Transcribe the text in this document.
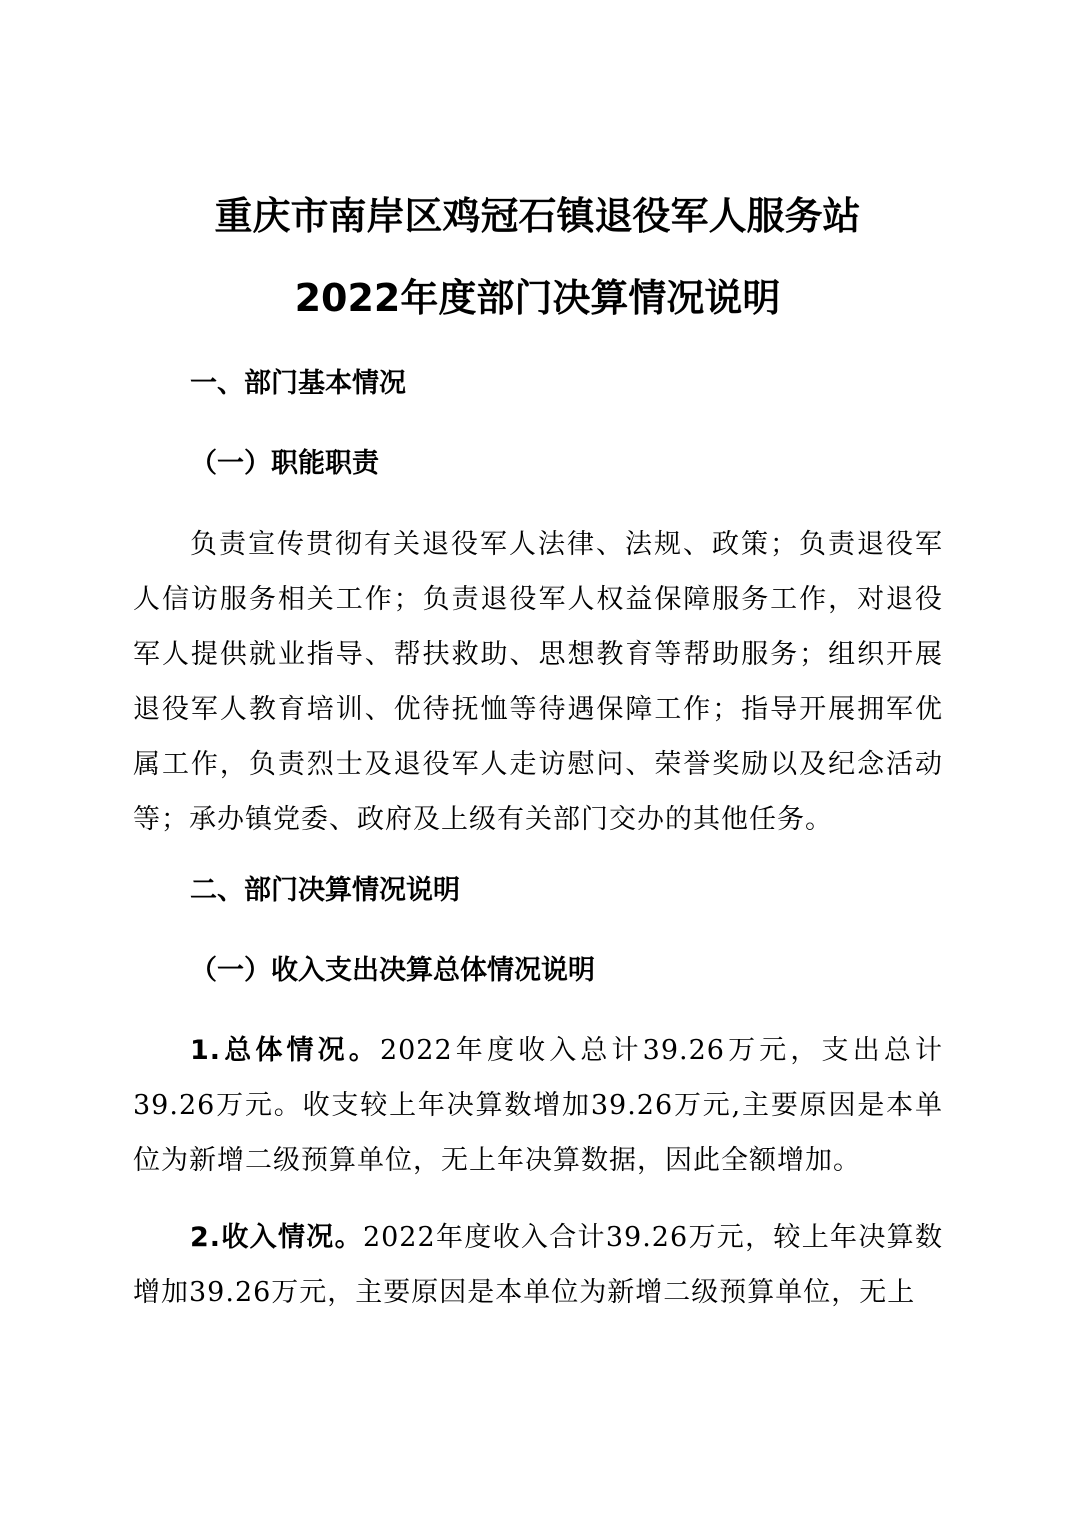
重庆市南岸区鸡冠石镇退役军人服务站
2022年度部门决算情况说明
一、部门基本情况
（一）职能职责

负责宣传贯彻有关退役军人法律、法规、政策；负责退役军人信访服务相关工作；负责退役军人权益保障服务工作，对退役军人提供就业指导、帮扶救助、思想教育等帮助服务；组织开展退役军人教育培训、优待抚恤等待遇保障工作；指导开展拥军优属工作，负责烈士及退役军人走访慰问、荣誉奖励以及纪念活动等；承办镇党委、政府及上级有关部门交办的其他任务。

二、部门决算情况说明
（一）收入支出决算总体情况说明

1.总体情况。2022年度收入总计39.26万元，支出总计39.26万元。收支较上年决算数增加39.26万元,主要原因是本单位为新增二级预算单位，无上年决算数据，因此全额增加。

2.收入情况。2022年度收入合计39.26万元，较上年决算数增加39.26万元，主要原因是本单位为新增二级预算单位，无上
